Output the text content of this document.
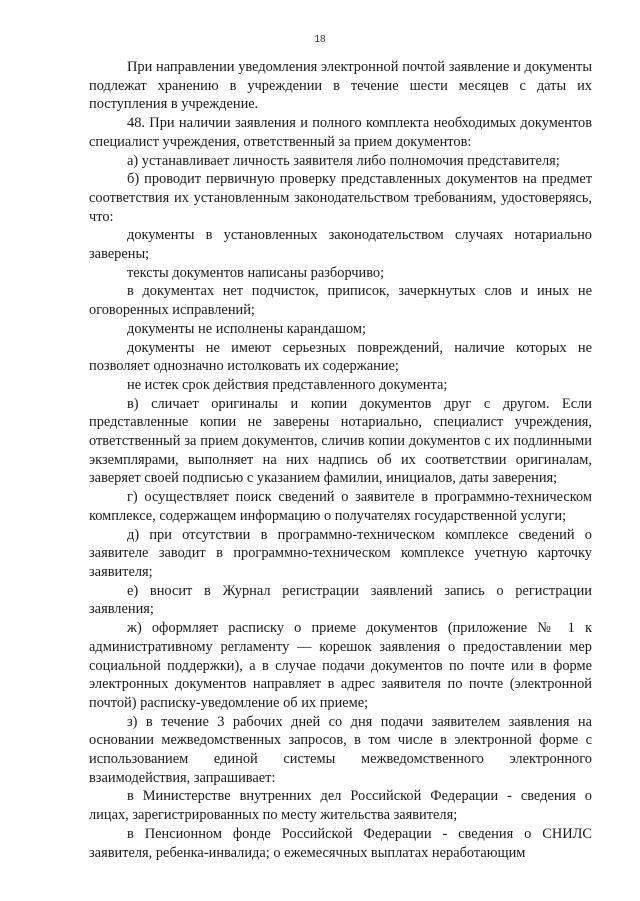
18

При направлении уведомления электронной почтой заявление и документы подлежат хранению в учреждении в течение шести месяцев с даты их поступления в учреждение.

48. При наличии заявления и полного комплекта необходимых документов специалист учреждения, ответственный за прием документов:

а) устанавливает личность заявителя либо полномочия представителя;

б) проводит первичную проверку представленных документов на предмет соответствия их установленным законодательством требованиям, удостоверяясь, что:

документы в установленных законодательством случаях нотариально заверены;

тексты документов написаны разборчиво;

в документах нет подчисток, приписок, зачеркнутых слов и иных не оговоренных исправлений;

документы не исполнены карандашом;

документы не имеют серьезных повреждений, наличие которых не позволяет однозначно истолковать их содержание;

не истек срок действия представленного документа;

в) сличает оригиналы и копии документов друг с другом. Если представленные копии не заверены нотариально, специалист учреждения, ответственный за прием документов, сличив копии документов с их подлинными экземплярами, выполняет на них надпись об их соответствии оригиналам, заверяет своей подписью с указанием фамилии, инициалов, даты заверения;

г) осуществляет поиск сведений о заявителе в программно-техническом комплексе, содержащем информацию о получателях государственной услуги;

д) при отсутствии в программно-техническом комплексе сведений о заявителе заводит в программно-техническом комплексе учетную карточку заявителя;

е) вносит в Журнал регистрации заявлений запись о регистрации заявления;

ж) оформляет расписку о приеме документов (приложение № 1 к административному регламенту — корешок заявления о предоставлении мер социальной поддержки), а в случае подачи документов по почте или в форме электронных документов направляет в адрес заявителя по почте (электронной почтой) расписку-уведомление об их приеме;

з) в течение 3 рабочих дней со дня подачи заявителем заявления на основании межведомственных запросов, в том числе в электронной форме с использованием единой системы межведомственного электронного взаимодействия, запрашивает:

в Министерстве внутренних дел Российской Федерации - сведения о лицах, зарегистрированных по месту жительства заявителя;

в Пенсионном фонде Российской Федерации - сведения о СНИЛС заявителя, ребенка-инвалида; о ежемесячных выплатах неработающим
